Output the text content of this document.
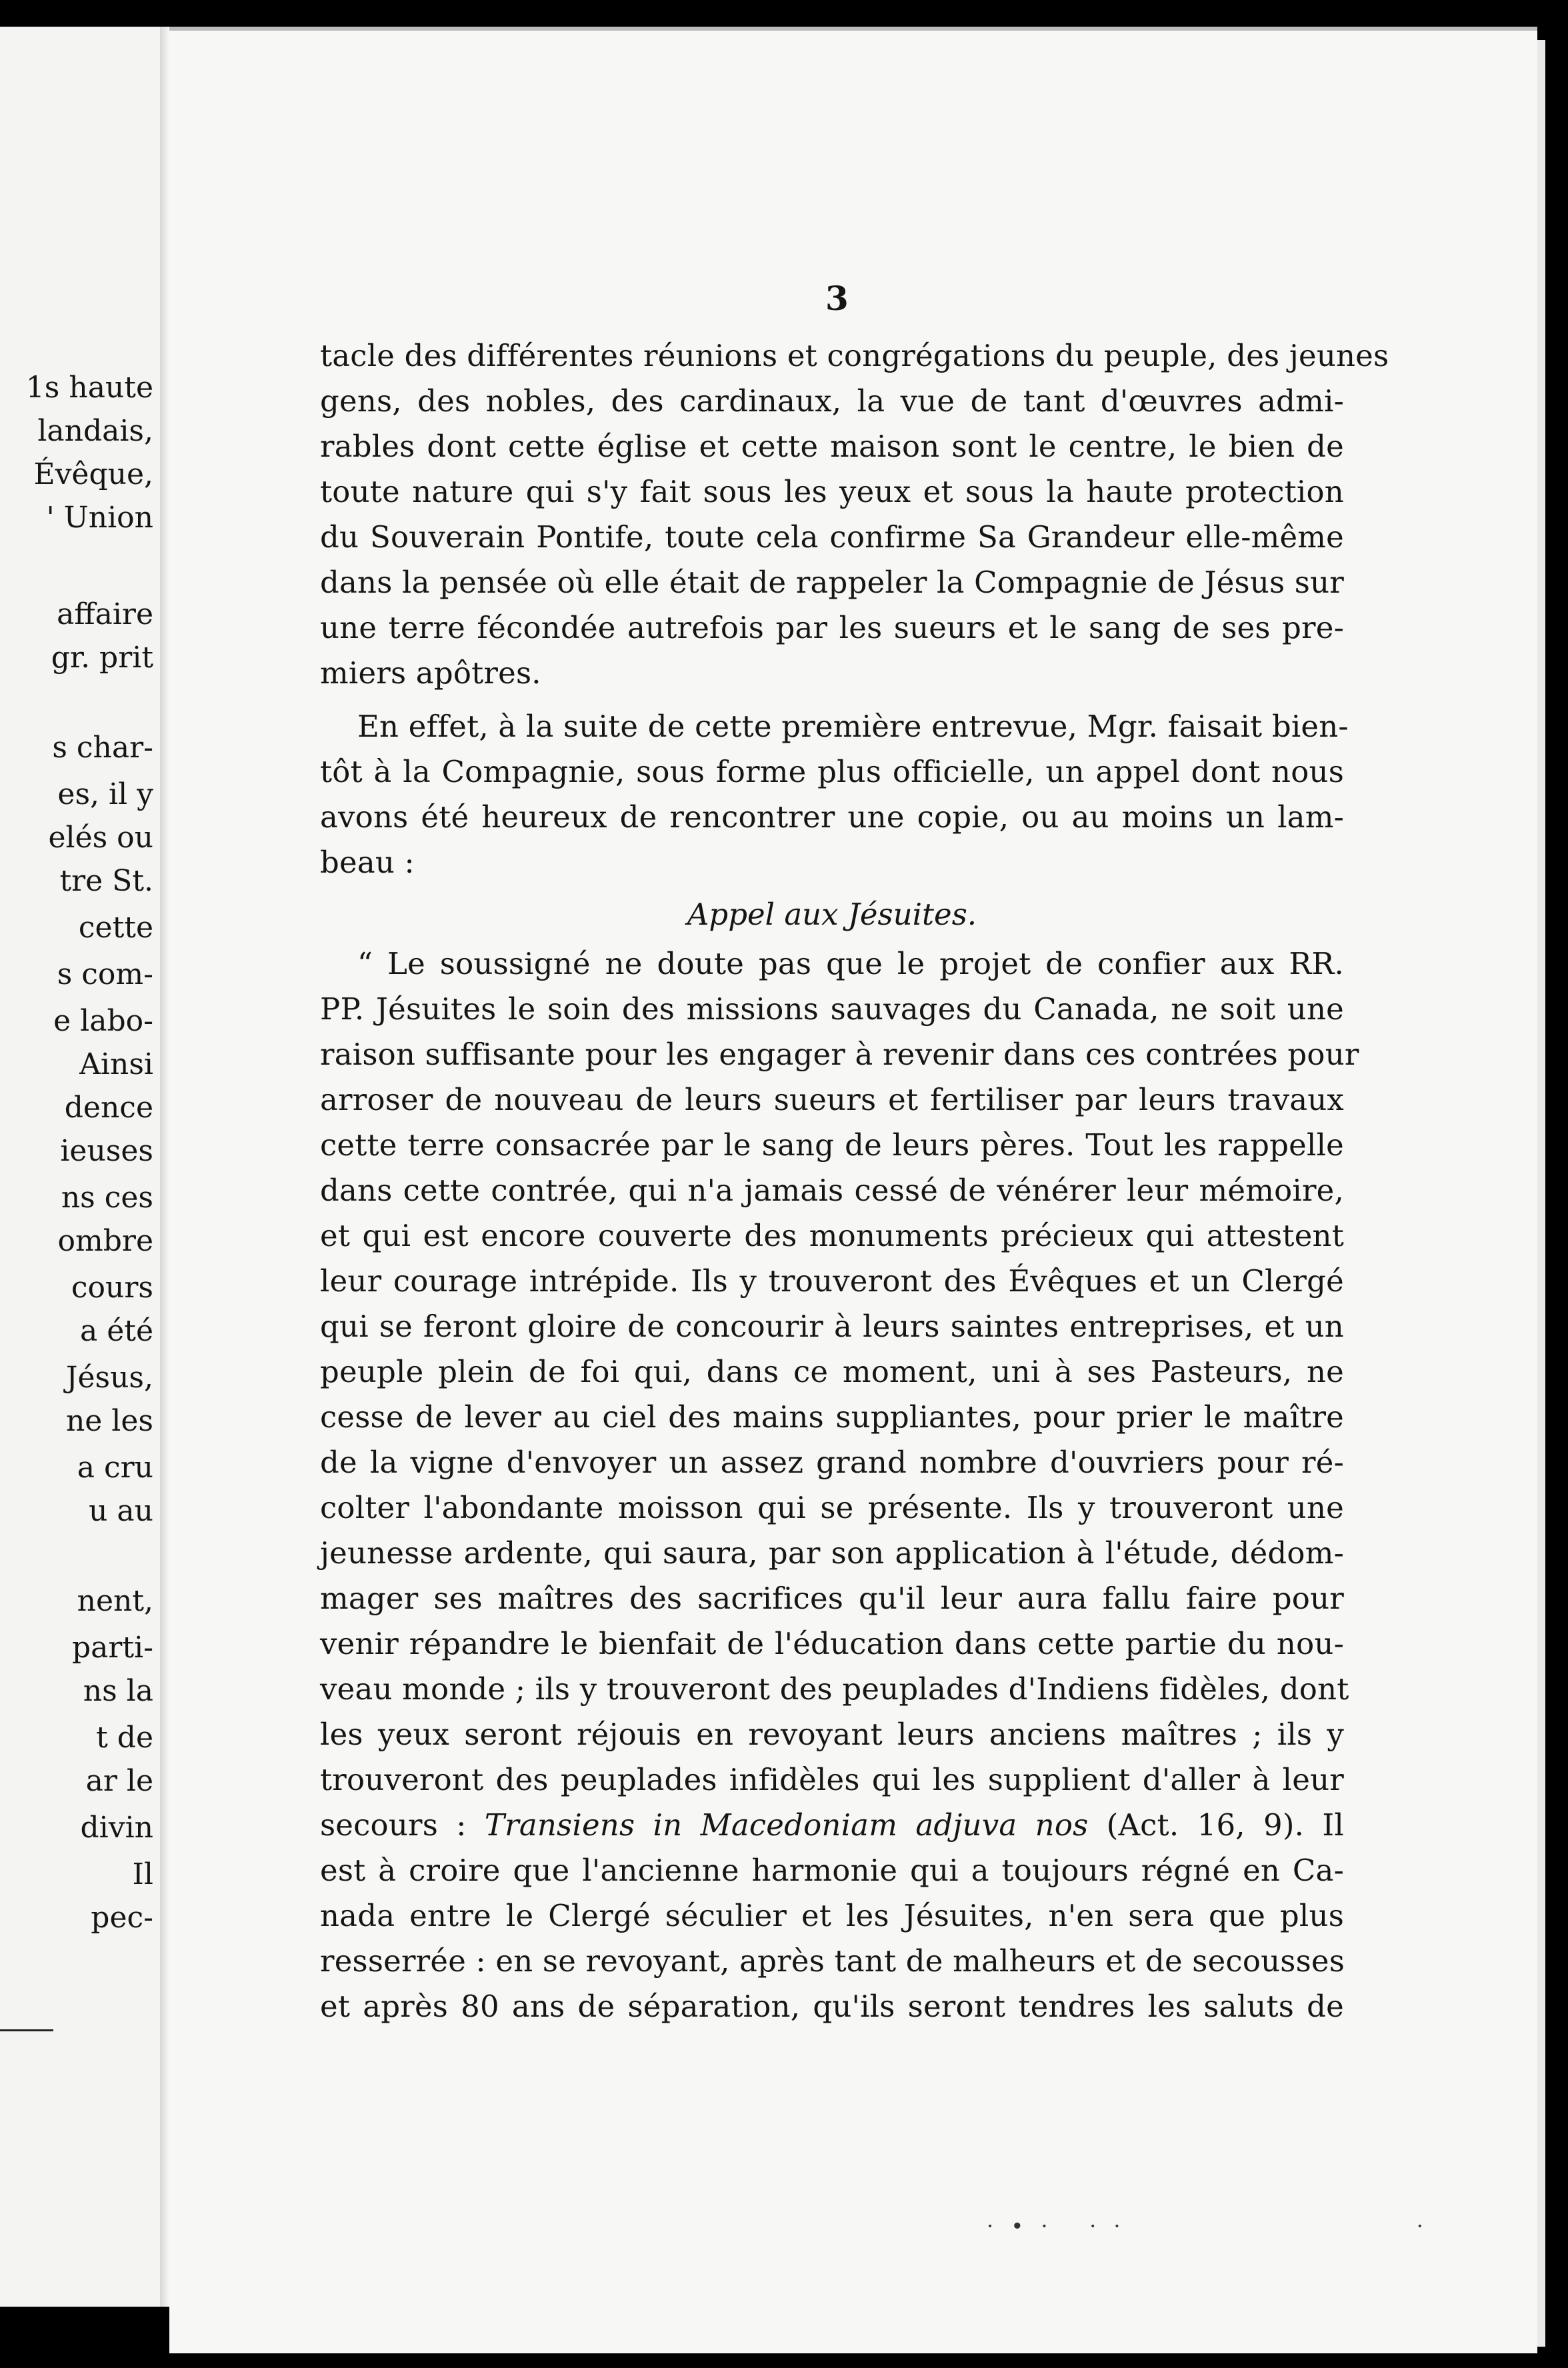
1s haute
landais,
Évêque,
' Union
affaire
gr. prit
s char-
es, il y
elés ou
tre St.
cette
s com-
e labo-
Ainsi
dence
ieuses
ns ces
ombre
cours
a été
Jésus,
ne les
a cru
u au
nent,
parti-
ns la
t de
ar le
divin
Il
pec-
3
tacle des différentes réunions et congrégations du peuple, des jeunes
gens, des nobles, des cardinaux, la vue de tant d'œuvres admi-
rables dont cette église et cette maison sont le centre, le bien de
toute nature qui s'y fait sous les yeux et sous la haute protection
du Souverain Pontife, toute cela confirme Sa Grandeur elle-même
dans la pensée où elle était de rappeler la Compagnie de Jésus sur
une terre fécondée autrefois par les sueurs et le sang de ses pre-
miers apôtres.
En effet, à la suite de cette première entrevue, Mgr. faisait bien-
tôt à la Compagnie, sous forme plus officielle, un appel dont nous
avons été heureux de rencontrer une copie, ou au moins un lam-
beau :
Appel aux Jésuites.
“ Le soussigné ne doute pas que le projet de confier aux RR.
PP. Jésuites le soin des missions sauvages du Canada, ne soit une
raison suffisante pour les engager à revenir dans ces contrées pour
arroser de nouveau de leurs sueurs et fertiliser par leurs travaux
cette terre consacrée par le sang de leurs pères. Tout les rappelle
dans cette contrée, qui n'a jamais cessé de vénérer leur mémoire,
et qui est encore couverte des monuments précieux qui attestent
leur courage intrépide. Ils y trouveront des Évêques et un Clergé
qui se feront gloire de concourir à leurs saintes entreprises, et un
peuple plein de foi qui, dans ce moment, uni à ses Pasteurs, ne
cesse de lever au ciel des mains suppliantes, pour prier le maître
de la vigne d'envoyer un assez grand nombre d'ouvriers pour ré-
colter l'abondante moisson qui se présente. Ils y trouveront une
jeunesse ardente, qui saura, par son application à l'étude, dédom-
mager ses maîtres des sacrifices qu'il leur aura fallu faire pour
venir répandre le bienfait de l'éducation dans cette partie du nou-
veau monde ; ils y trouveront des peuplades d'Indiens fidèles, dont
les yeux seront réjouis en revoyant leurs anciens maîtres ; ils y
trouveront des peuplades infidèles qui les supplient d'aller à leur
secours : Transiens in Macedoniam adjuva nos (Act. 16, 9). Il
est à croire que l'ancienne harmonie qui a toujours régné en Ca-
nada entre le Clergé séculier et les Jésuites, n'en sera que plus
resserrée : en se revoyant, après tant de malheurs et de secousses
et après 80 ans de séparation, qu'ils seront tendres les saluts de
· • ·   · ·                        ·
